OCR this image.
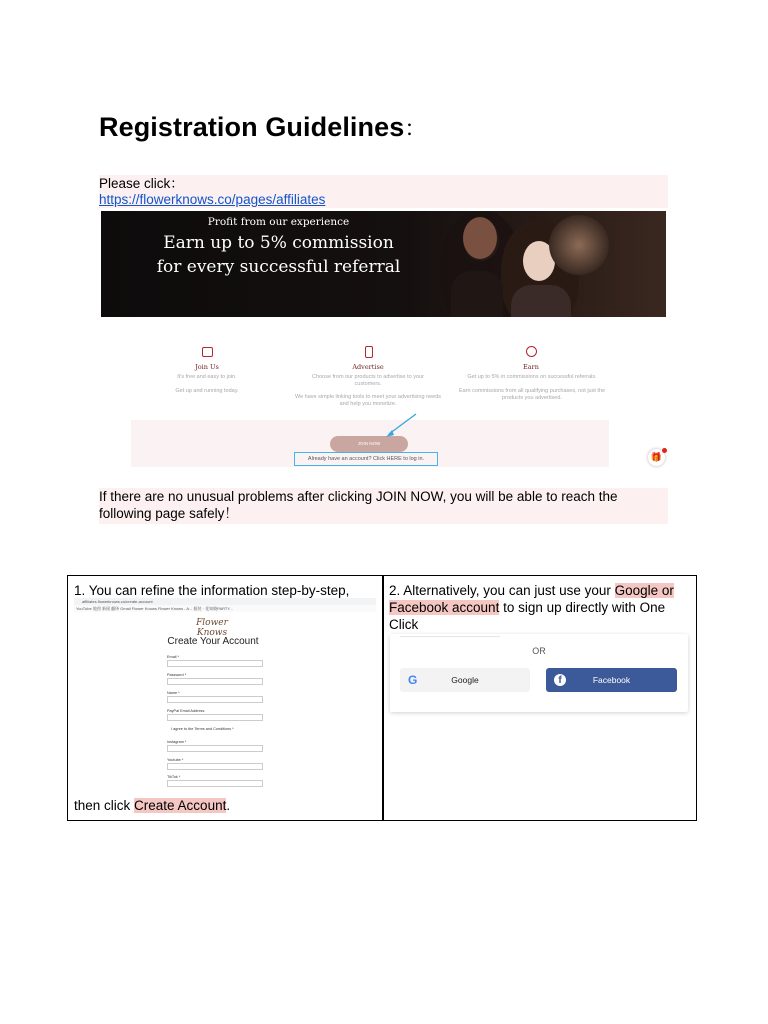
Registration Guidelines：
Please click：
https://flowerknows.co/pages/affiliates
Profit from our experience
Earn up to 5% commission
for every successful referral
Join Us
It's free and easy to join.
Get up and running today.
Advertise
Choose from our products to advertise to your customers.
We have simple linking tools to meet your advertising needs and help you monetize.
Earn
Get up to 5% in commissions on successful referrals.
Earn commissions from all qualifying purchases, not just the products you advertised.
JOIN NOW
Already have an account? Click HERE to log in.	🎁
If there are no unusual problems after clicking JOIN NOW, you will be able to reach the following page safely！
1. You can refine the information step-by-step,
affiliates.flowerknows.co/create-account
YouTube 地图 新闻 翻译 Gmail Flower Knows Flower Knows - A... 服装 · 花知晓PARTY...
Flower Knows
Create Your Account
Email *
Password *
Name *
PayPal Email Address
I agree to the Terms and Conditions *
Instagram *
Youtube *
TikTok *
then click Create Account.
2. Alternatively, you can just use your Google or Facebook account to sign up directly with One Click
OR
G	Google	f	Facebook
